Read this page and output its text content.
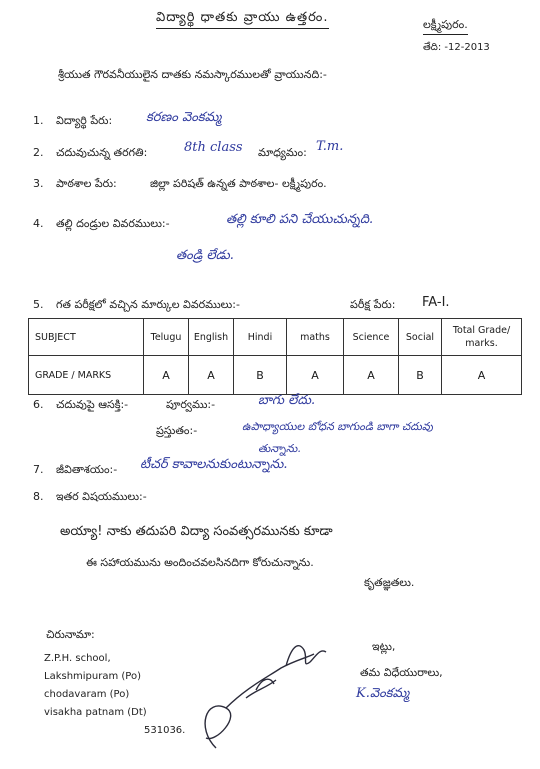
విద్యార్థి ధాతకు వ్రాయు ఉత్తరం.	లక్ష్మీపురం.
తేది: -12-2013
శ్రీయుత గౌరవనీయులైన దాతకు నమస్కారములతో వ్రాయునది:-
1. విద్యార్థి పేరు:	కరణం వెంకమ్మ
2. చదువుచున్న తరగతి:	8th class మాధ్యమం: T.m.
3. పాఠశాల పేరు:	జిల్లా పరిషత్ ఉన్నత పాఠశాల- లక్ష్మీపురం.
4. తల్లి దండ్రుల వివరములు:-	తల్లి కూలి పని చేయుచున్నది.
తండ్రి లేడు.
5. గత పరీక్షలో వచ్చిన మార్కుల వివరములు:-	పరీక్ష పేరు: FA-I.
SUBJECT	Telugu	English	Hindi	maths	Science	Social	Total Grade/ marks.
GRADE / MARKS	A	A	B	A	A	B	A
6. చదువుపై ఆసక్తి:-	పూర్వము:-	బాగు లేదు.
ప్రస్తుతం:-	ఉపాధ్యాయుల బోధన బాగుండి బాగా చదువు
తున్నాను.
7. జీవితాశయం:- టీచర్ కావాలనుకుంటున్నాను.
8. ఇతర విషయములు:-
అయ్యా! నాకు తదుపరి విద్యా సంవత్సరమునకు కూడా
ఈ సహాయమును అందించవలసినదిగా కోరుచున్నాను.
కృతజ్ఞతలు.
చిరునామా:
Z.P.H. school,
Lakshmipuram (Po)
chodavaram (Po)
visakha patnam (Dt)
531036.
ఇట్లు,
తమ విధేయురాలు,
K.వెంకమ్మ
